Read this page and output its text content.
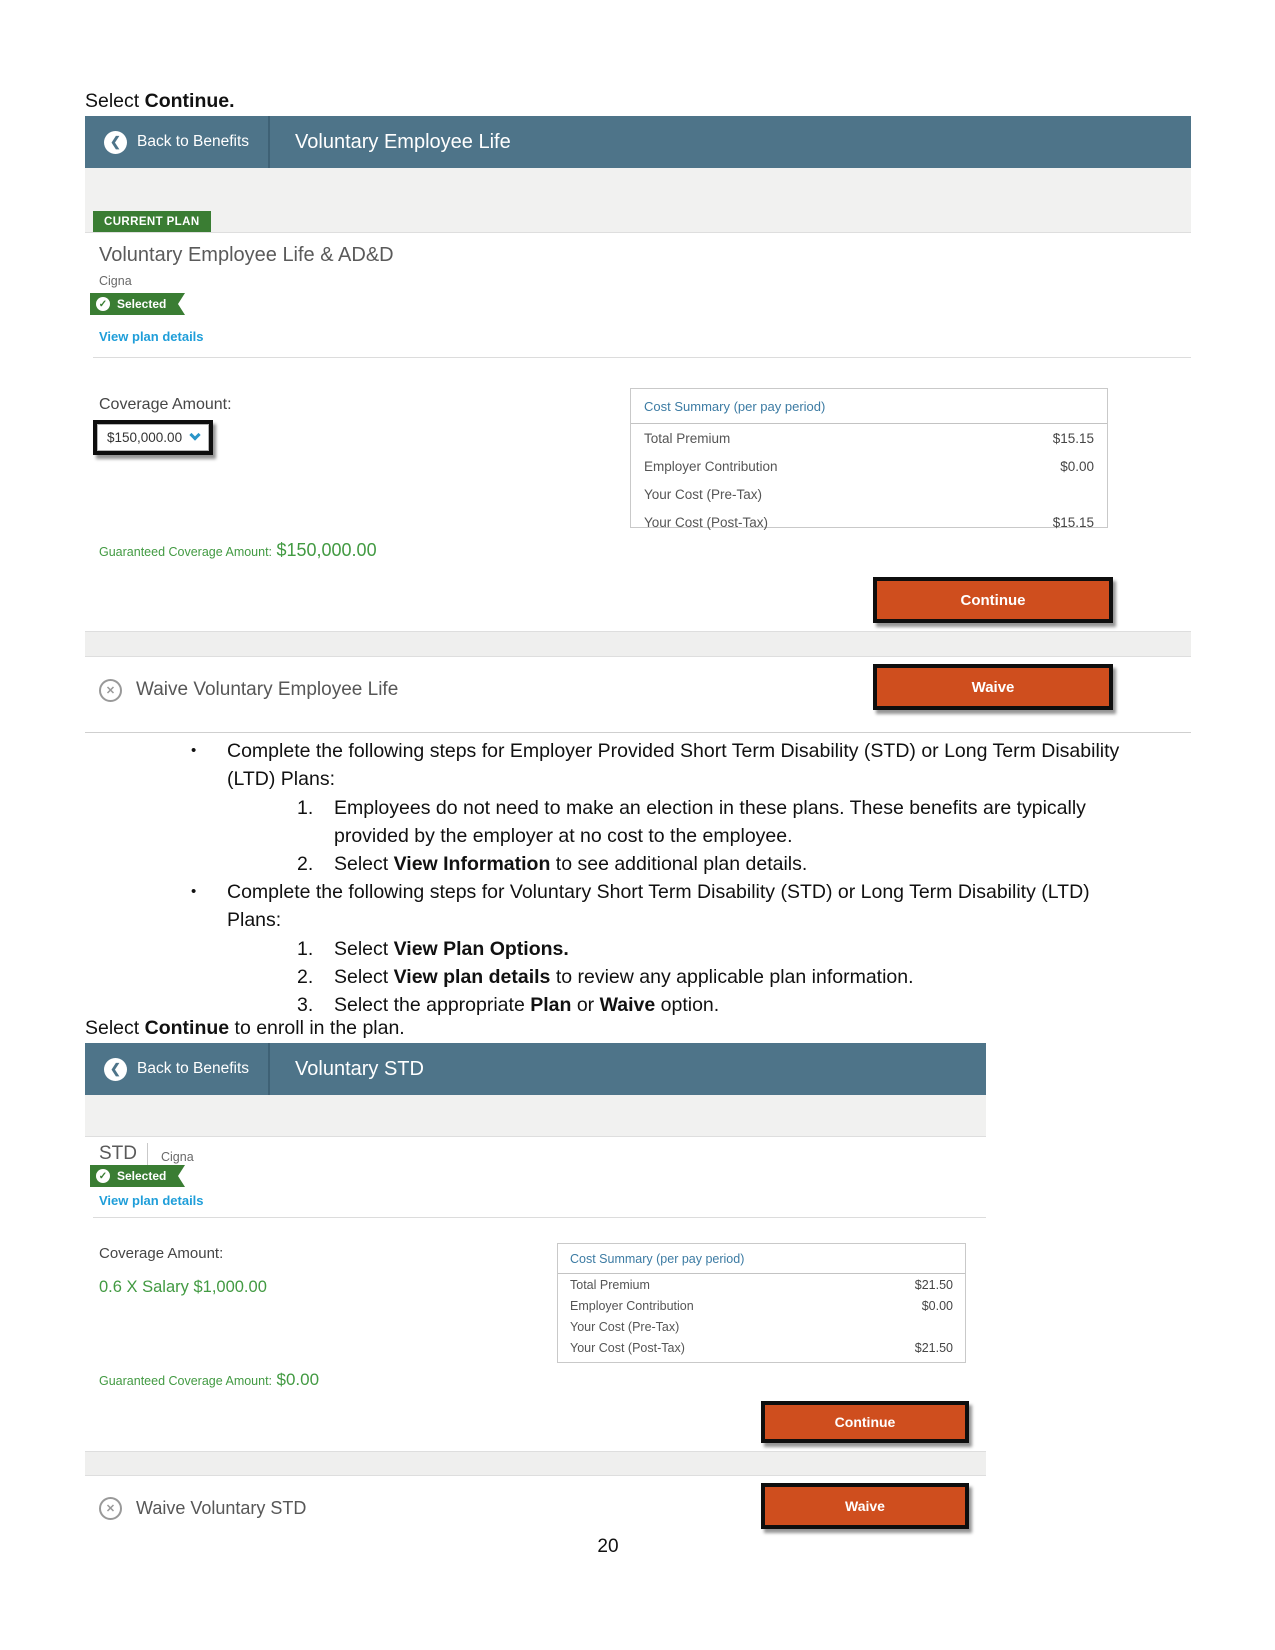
Select Continue.
❮	Back to Benefits	Voluntary Employee Life
CURRENT PLAN
Voluntary Employee Life & AD&D
Cigna
✓ Selected
View plan details
Coverage Amount:
$150,000.00
Cost Summary (per pay period)
Total Premium	$15.15
Employer Contribution	$0.00
Your Cost (Pre-Tax)
Your Cost (Post-Tax)	$15.15
Guaranteed Coverage Amount: $150,000.00
Continue
✕	Waive Voluntary Employee Life	Waive
•	Complete the following steps for Employer Provided Short Term Disability (STD) or Long Term Disability (LTD) Plans:
1.	Employees do not need to make an election in these plans. These benefits are typically provided by the employer at no cost to the employee.
2.	Select View Information to see additional plan details.
•	Complete the following steps for Voluntary Short Term Disability (STD) or Long Term Disability (LTD) Plans:
1.	Select View Plan Options.
2.	Select View plan details to review any applicable plan information.
3.	Select the appropriate Plan or Waive option.
Select Continue to enroll in the plan.
❮	Back to Benefits	Voluntary STD
STD Cigna
✓ Selected
View plan details
Coverage Amount:
0.6 X Salary $1,000.00
Cost Summary (per pay period)
Total Premium	$21.50
Employer Contribution	$0.00
Your Cost (Pre-Tax)
Your Cost (Post-Tax)	$21.50
Guaranteed Coverage Amount: $0.00
Continue
✕	Waive Voluntary STD	Waive
20
